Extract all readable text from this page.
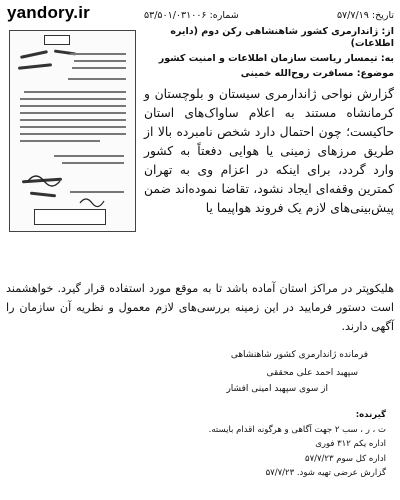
yandory.ir	تاریخ: ۵۷/۷/۱۹
شماره: ۵۳/۵۰۱/۰۳۱۰۰۶
از: ژاندارمری کشور شاهنشاهی رکن دوم (دایره اطلاعات)
به: تیمسار ریاست سازمان اطلاعات و امنیت کشور
موضوع: مسافرت روح‌الله خمینی
گزارش نواحی ژاندارمری سیستان و بلوچستان و کرمانشاه مستند به اعلام ساواک‌های استان حاکیست؛ چون احتمال دارد شخص نامبرده بالا از طریق مرزهای زمینی یا هوایی دفعتاً به کشور وارد گردد، برای اینکه در اعزام وی به تهران کمترین وقفه‌ای ایجاد نشود، تقاضا نموده‌اند ضمن پیش‌بینی‌های لازم یک فروند هواپیما یا
هلیکوپتر در مراکز استان آماده باشد تا به موقع مورد استفاده قرار گیرد. خواهشمند است دستور فرمایید در این زمینه بررسی‌های لازم معمول و نظریه آن سازمان را آگهی دارند.
فرمانده ژاندارمری کشور شاهنشاهی
سپهبد احمد علی محققی
از سوی سپهبد امینی افشار
گیرنده:
ت ، ر ، سب ۲ جهت آگاهی و هرگونه اقدام بایسته.
اداره یکم ۳۱۲ فوری
اداره کل سوم ۵۷/۷/۲۳
گزارش عرضی تهیه شود. ۵۷/۷/۲۳
